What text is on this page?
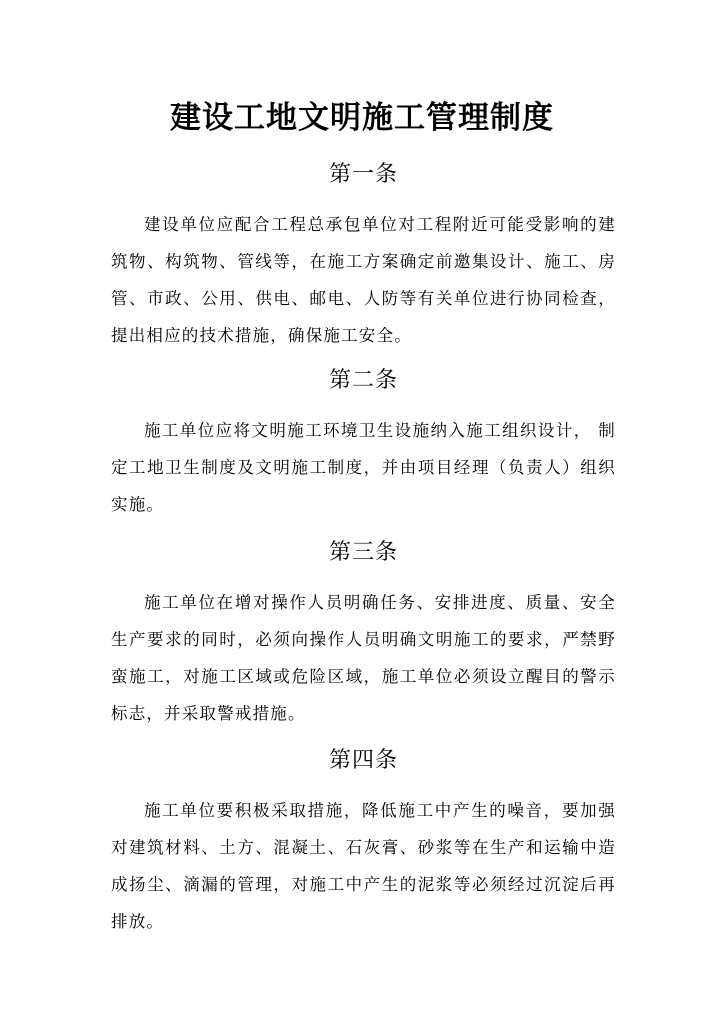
建设工地文明施工管理制度
第一条

建设单位应配合工程总承包单位对工程附近可能受影响的建筑物、构筑物、管线等，在施工方案确定前邀集设计、施工、房管、市政、公用、供电、邮电、人防等有关单位进行协同检查，提出相应的技术措施，确保施工安全。

第二条

施工单位应将文明施工环境卫生设施纳入施工组织设计， 制定工地卫生制度及文明施工制度，并由项目经理（负责人）组织实施。

第三条

施工单位在增对操作人员明确任务、安排进度、质量、安全生产要求的同时，必须向操作人员明确文明施工的要求，严禁野蛮施工，对施工区域或危险区域，施工单位必须设立醒目的警示标志，并采取警戒措施。

第四条

施工单位要积极采取措施，降低施工中产生的噪音，要加强对建筑材料、土方、混凝土、石灰膏、砂浆等在生产和运输中造成扬尘、滴漏的管理，对施工中产生的泥浆等必须经过沉淀后再排放。
